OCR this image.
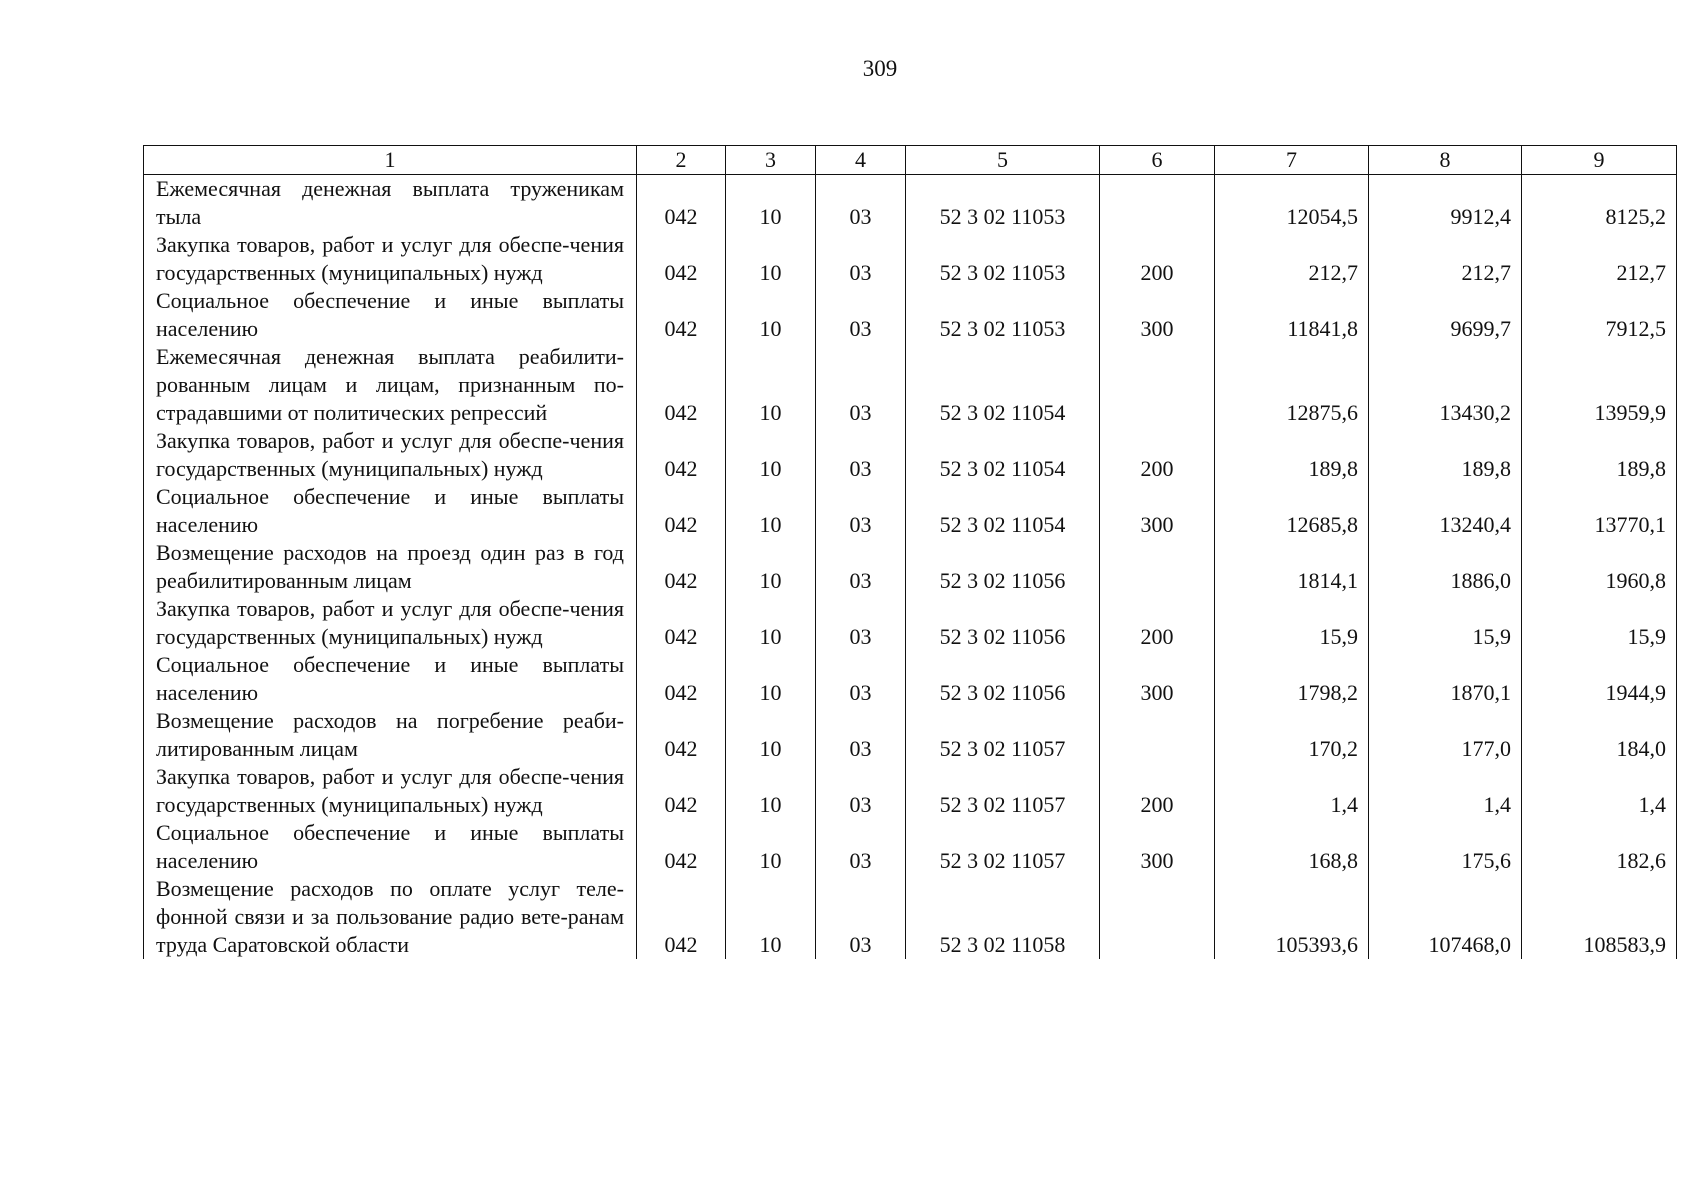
309
1	2	3	4	5	6	7	8	9

Ежемесячная денежная выплата труженикам тыла	042	10	03	52 3 02 11053		12054,5	9912,4	8125,2

Закупка товаров, работ и услуг для обеспе-чения государственных (муниципальных) нужд	042	10	03	52 3 02 11053	200	212,7	212,7	212,7

Социальное обеспечение и иные выплаты населению	042	10	03	52 3 02 11053	300	11841,8	9699,7	7912,5

Ежемесячная денежная выплата реабилити-рованным лицам и лицам, признанным по-страдавшими от политических репрессий	042	10	03	52 3 02 11054		12875,6	13430,2	13959,9

Закупка товаров, работ и услуг для обеспе-чения государственных (муниципальных) нужд	042	10	03	52 3 02 11054	200	189,8	189,8	189,8

Социальное обеспечение и иные выплаты населению	042	10	03	52 3 02 11054	300	12685,8	13240,4	13770,1

Возмещение расходов на проезд один раз в год реабилитированным лицам	042	10	03	52 3 02 11056		1814,1	1886,0	1960,8

Закупка товаров, работ и услуг для обеспе-чения государственных (муниципальных) нужд	042	10	03	52 3 02 11056	200	15,9	15,9	15,9

Социальное обеспечение и иные выплаты населению	042	10	03	52 3 02 11056	300	1798,2	1870,1	1944,9

Возмещение расходов на погребение реаби-литированным лицам	042	10	03	52 3 02 11057		170,2	177,0	184,0

Закупка товаров, работ и услуг для обеспе-чения государственных (муниципальных) нужд	042	10	03	52 3 02 11057	200	1,4	1,4	1,4

Социальное обеспечение и иные выплаты населению	042	10	03	52 3 02 11057	300	168,8	175,6	182,6

Возмещение расходов по оплате услуг теле-фонной связи и за пользование радио вете-ранам труда Саратовской области	042	10	03	52 3 02 11058		105393,6	107468,0	108583,9
